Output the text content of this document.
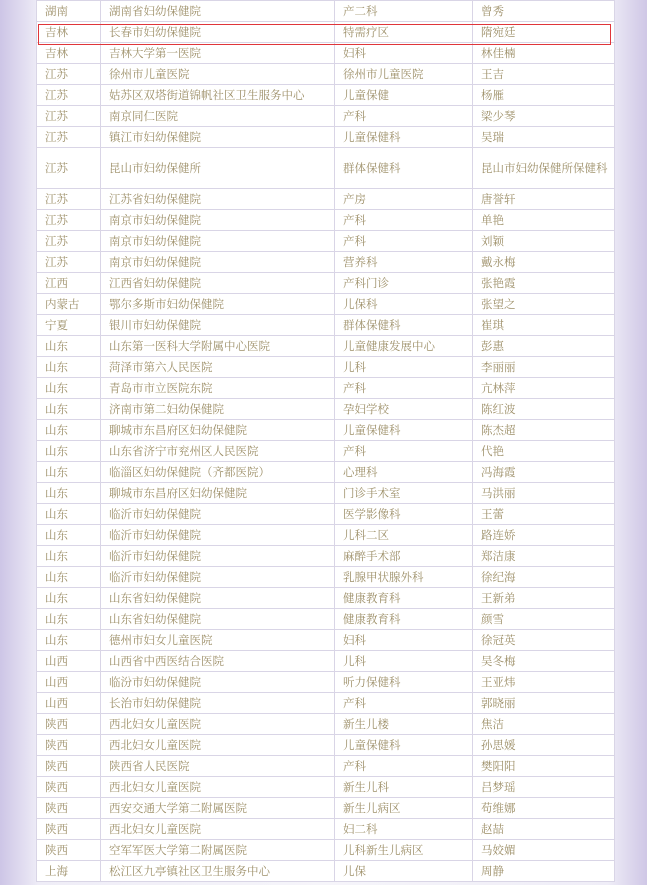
湖南	湖南省妇幼保健院	产二科	曾秀
吉林	长春市妇幼保健院	特需疗区	隋宛廷
吉林	吉林大学第一医院	妇科	林佳楠
江苏	徐州市儿童医院	徐州市儿童医院	王吉
江苏	姑苏区双塔街道锦帆社区卫生服务中心	儿童保健	杨雁
江苏	南京同仁医院	产科	梁少琴
江苏	镇江市妇幼保健院	儿童保健科	吴瑞
江苏	昆山市妇幼保健所	群体保健科	昆山市妇幼保健所保健科
江苏	江苏省妇幼保健院	产房	唐誉轩
江苏	南京市妇幼保健院	产科	单艳
江苏	南京市妇幼保健院	产科	刘颖
江苏	南京市妇幼保健院	营养科	戴永梅
江西	江西省妇幼保健院	产科门诊	张艳霞
内蒙古	鄂尔多斯市妇幼保健院	儿保科	张望之
宁夏	银川市妇幼保健院	群体保健科	崔琪
山东	山东第一医科大学附属中心医院	儿童健康发展中心	彭惠
山东	菏泽市第六人民医院	儿科	李丽丽
山东	青岛市市立医院东院	产科	亢林萍
山东	济南市第二妇幼保健院	孕妇学校	陈红波
山东	聊城市东昌府区妇幼保健院	儿童保健科	陈杰超
山东	山东省济宁市兖州区人民医院	产科	代艳
山东	临淄区妇幼保健院（齐都医院）	心理科	冯海霞
山东	聊城市东昌府区妇幼保健院	门诊手术室	马洪丽
山东	临沂市妇幼保健院	医学影像科	王蕾
山东	临沂市妇幼保健院	儿科二区	路连娇
山东	临沂市妇幼保健院	麻醉手术部	郑洁康
山东	临沂市妇幼保健院	乳腺甲状腺外科	徐纪海
山东	山东省妇幼保健院	健康教育科	王新弟
山东	山东省妇幼保健院	健康教育科	颜雪
山东	德州市妇女儿童医院	妇科	徐冠英
山西	山西省中西医结合医院	儿科	吴冬梅
山西	临汾市妇幼保健院	听力保健科	王亚炜
山西	长治市妇幼保健院	产科	郭晓丽
陕西	西北妇女儿童医院	新生儿楼	焦洁
陕西	西北妇女儿童医院	儿童保健科	孙思媛
陕西	陕西省人民医院	产科	樊阳阳
陕西	西北妇女儿童医院	新生儿科	吕梦瑶
陕西	西安交通大学第二附属医院	新生儿病区	苟维娜
陕西	西北妇女儿童医院	妇二科	赵喆
陕西	空军军医大学第二附属医院	儿科新生儿病区	马姣媚
上海	松江区九亭镇社区卫生服务中心	儿保	周静
